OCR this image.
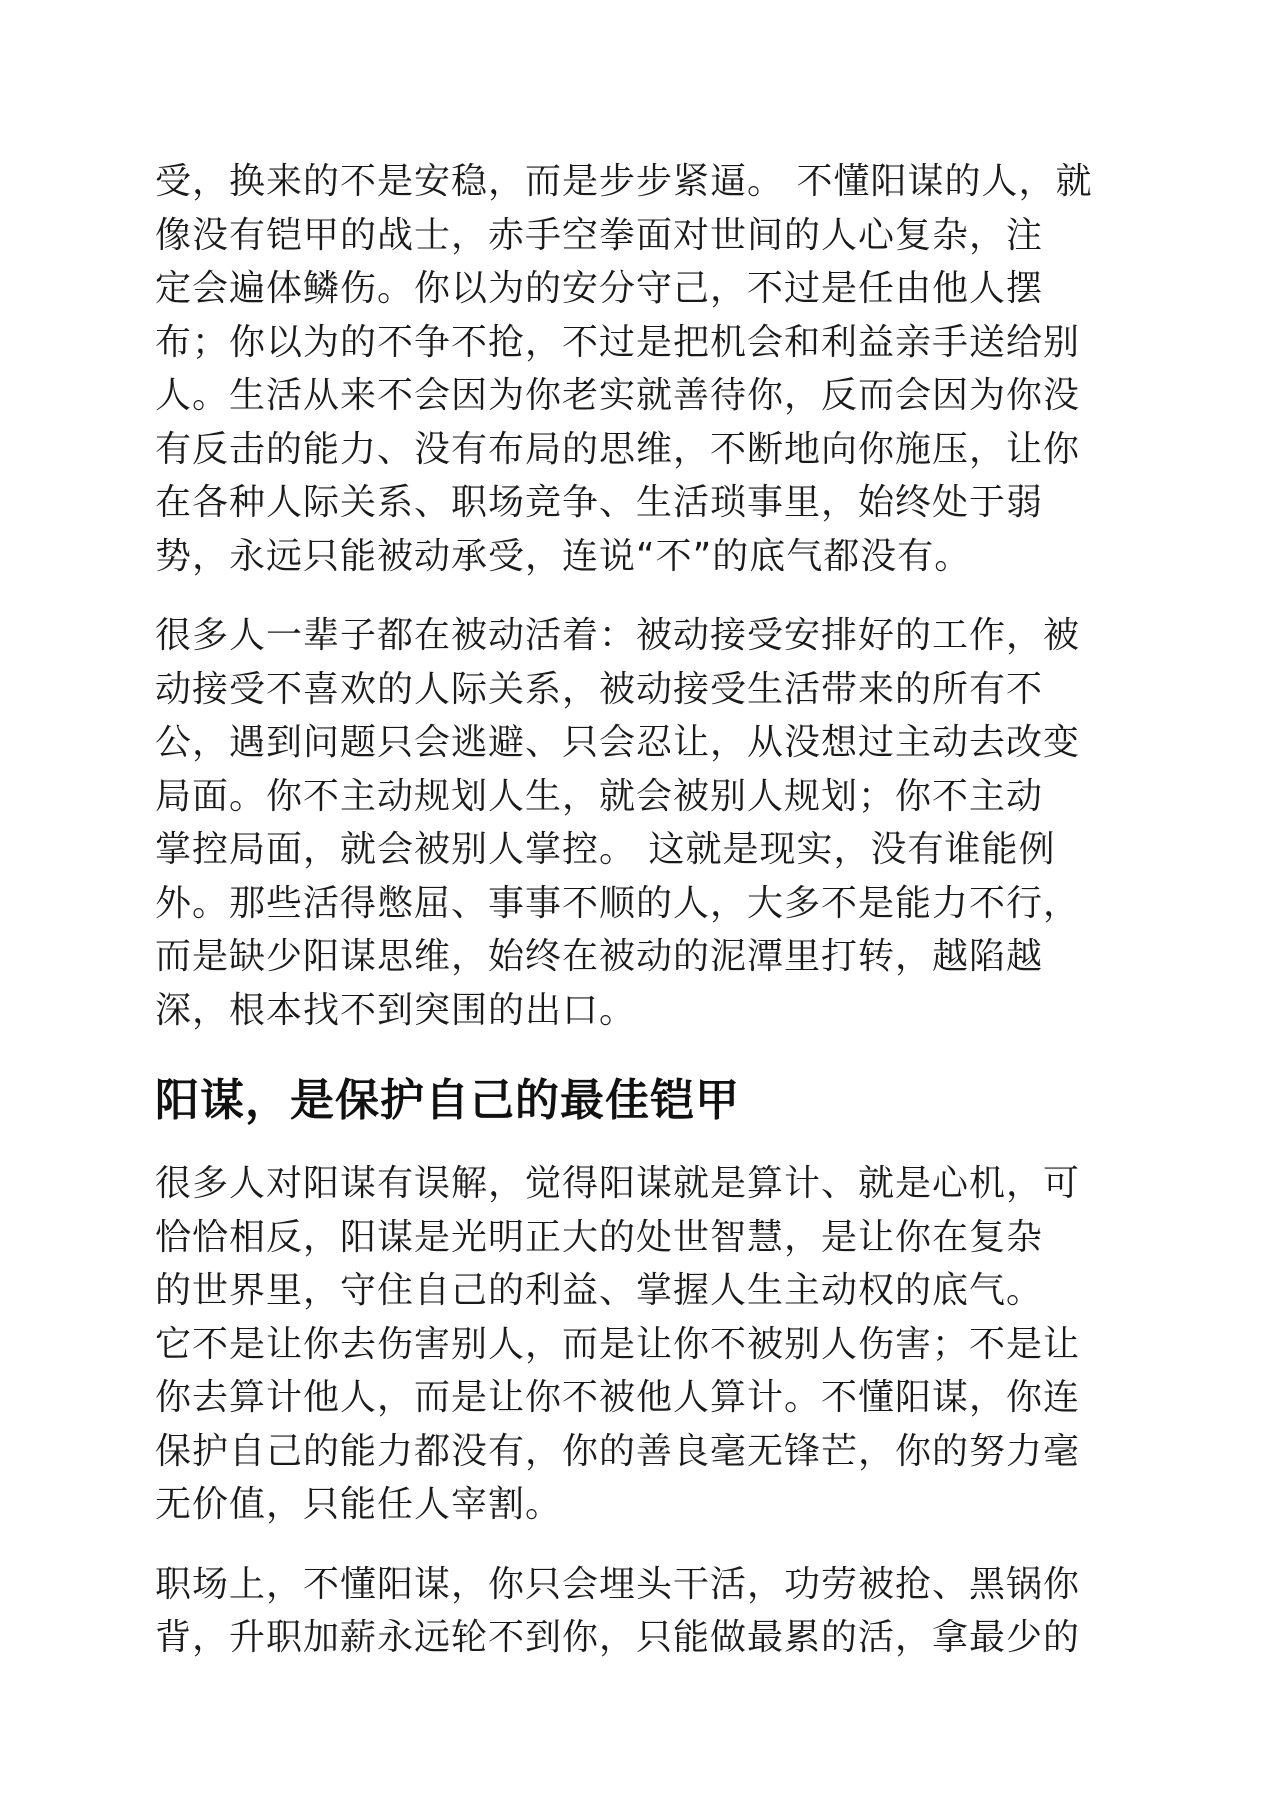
受，换来的不是安稳，而是步步紧逼。 不懂阳谋的人，就
像没有铠甲的战士，赤手空拳面对世间的人心复杂，注
定会遍体鳞伤。你以为的安分守己，不过是任由他人摆
布；你以为的不争不抢，不过是把机会和利益亲手送给别
人。生活从来不会因为你老实就善待你，反而会因为你没
有反击的能力、没有布局的思维，不断地向你施压，让你
在各种人际关系、职场竞争、生活琐事里，始终处于弱
势，永远只能被动承受，连说“不”的底气都没有。

很多人一辈子都在被动活着：被动接受安排好的工作，被
动接受不喜欢的人际关系，被动接受生活带来的所有不
公，遇到问题只会逃避、只会忍让，从没想过主动去改变
局面。你不主动规划人生，就会被别人规划；你不主动
掌控局面，就会被别人掌控。 这就是现实，没有谁能例
外。那些活得憋屈、事事不顺的人，大多不是能力不行，
而是缺少阳谋思维，始终在被动的泥潭里打转，越陷越
深，根本找不到突围的出口。

阳谋，是保护自己的最佳铠甲

很多人对阳谋有误解，觉得阳谋就是算计、就是心机，可
恰恰相反，阳谋是光明正大的处世智慧，是让你在复杂
的世界里，守住自己的利益、掌握人生主动权的底气。
它不是让你去伤害别人，而是让你不被别人伤害；不是让
你去算计他人，而是让你不被他人算计。不懂阳谋，你连
保护自己的能力都没有，你的善良毫无锋芒，你的努力毫
无价值，只能任人宰割。

职场上，不懂阳谋，你只会埋头干活，功劳被抢、黑锅你
背，升职加薪永远轮不到你，只能做最累的活，拿最少的
